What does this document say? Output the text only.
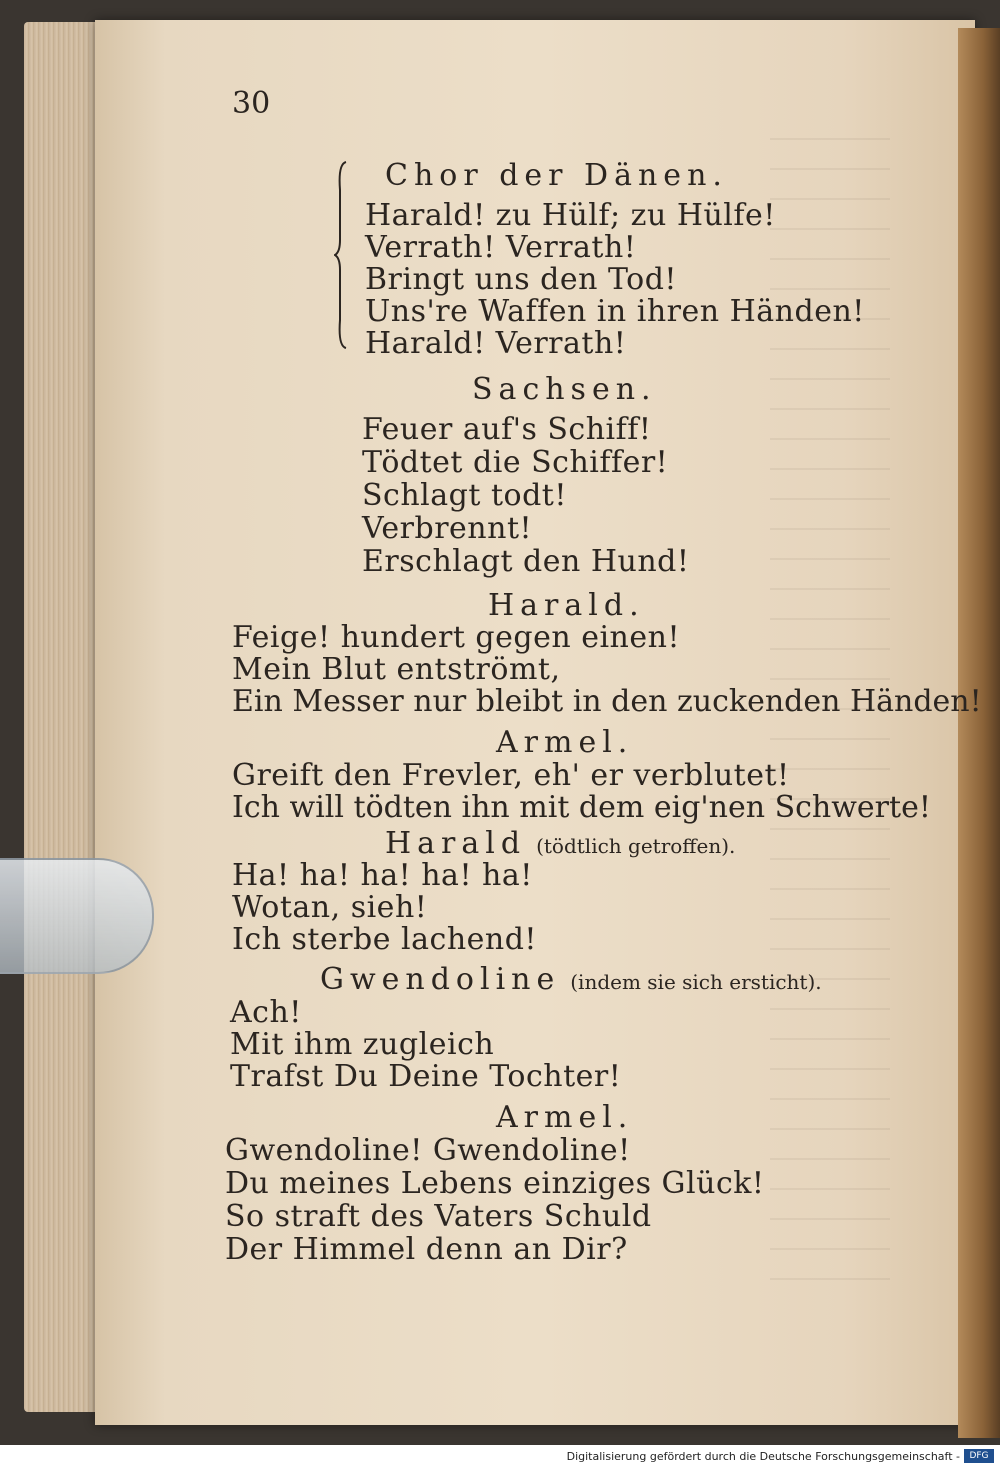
30
Chor der Dänen.
Harald! zu Hülf; zu Hülfe!
Verrath! Verrath!
Bringt uns den Tod!
Uns're Waffen in ihren Händen!
Harald! Verrath!
Sachsen.
Feuer auf's Schiff!
Tödtet die Schiffer!
Schlagt todt!
Verbrennt!
Erschlagt den Hund!
Harald.
Feige! hundert gegen einen!
Mein Blut entströmt,
Ein Messer nur bleibt in den zuckenden Händen!
Armel.
Greift den Frevler, eh' er verblutet!
Ich will tödten ihn mit dem eig'nen Schwerte!
Harald (tödtlich getroffen).
Ha! ha! ha! ha! ha!
Wotan, sieh!
Ich sterbe lachend!
Gwendoline (indem sie sich ersticht).
Ach!
Mit ihm zugleich
Trafst Du Deine Tochter!
Armel.
Gwendoline! Gwendoline!
Du meines Lebens einziges Glück!
So straft des Vaters Schuld
Der Himmel denn an Dir?
Digitalisierung gefördert durch die Deutsche Forschungsgemeinschaft -	DFG
